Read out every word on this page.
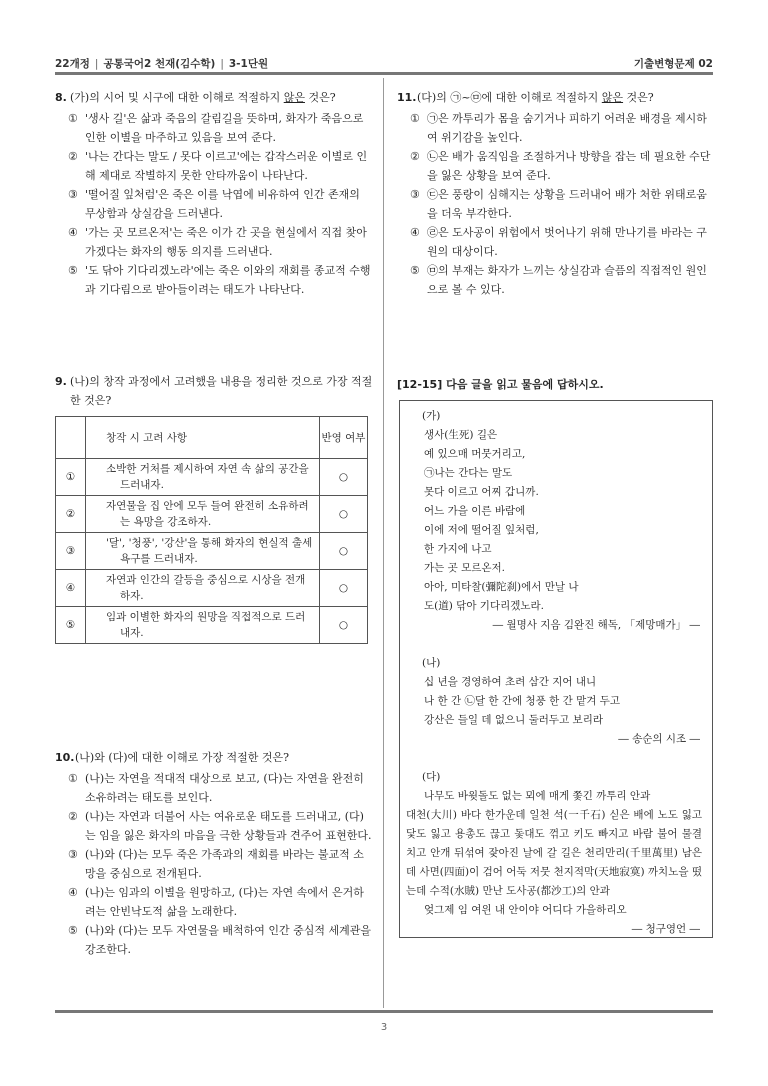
22개정 | 공통국어2 천재(김수학) | 3-1단원	기출변형문제 02
8. (가)의 시어 및 시구에 대한 이해로 적절하지 않은 것은?
① '생사 길'은 삶과 죽음의 갈림길을 뜻하며, 화자가 죽음으로 인한 이별을 마주하고 있음을 보여 준다.
② '나는 간다는 말도 / 못다 이르고'에는 갑작스러운 이별로 인해 제대로 작별하지 못한 안타까움이 나타난다.
③ '떨어질 잎처럼'은 죽은 이를 낙엽에 비유하여 인간 존재의 무상함과 상실감을 드러낸다.
④ '가는 곳 모르온저'는 죽은 이가 간 곳을 현실에서 직접 찾아가겠다는 화자의 행동 의지를 드러낸다.
⑤ '도 닦아 기다리겠노라'에는 죽은 이와의 재회를 종교적 수행과 기다림으로 받아들이려는 태도가 나타난다.
9. (나)의 창작 과정에서 고려했을 내용을 정리한 것으로 가장 적절한 것은?
	창작 시 고려 사항	반영 여부
①	소박한 거처를 제시하여 자연 속 삶의 공간을 드러내자.	○
②	자연물을 집 안에 모두 들여 완전히 소유하려는 욕망을 강조하자.	○
③	'달', '청풍', '강산'을 통해 화자의 현실적 출세 욕구를 드러내자.	○
④	자연과 인간의 갈등을 중심으로 시상을 전개하자.	○
⑤	임과 이별한 화자의 원망을 직접적으로 드러내자.	○
10. (나)와 (다)에 대한 이해로 가장 적절한 것은?
① (나)는 자연을 적대적 대상으로 보고, (다)는 자연을 완전히 소유하려는 태도를 보인다.
② (나)는 자연과 더불어 사는 여유로운 태도를 드러내고, (다)는 임을 잃은 화자의 마음을 극한 상황들과 견주어 표현한다.
③ (나)와 (다)는 모두 죽은 가족과의 재회를 바라는 불교적 소망을 중심으로 전개된다.
④ (나)는 임과의 이별을 원망하고, (다)는 자연 속에서 은거하려는 안빈낙도적 삶을 노래한다.
⑤ (나)와 (다)는 모두 자연물을 배척하여 인간 중심적 세계관을 강조한다.
11. (다)의 ㉠~㉤에 대한 이해로 적절하지 않은 것은?
① ㉠은 까투리가 몸을 숨기거나 피하기 어려운 배경을 제시하여 위기감을 높인다.
② ㉡은 배가 움직임을 조절하거나 방향을 잡는 데 필요한 수단을 잃은 상황을 보여 준다.
③ ㉢은 풍랑이 심해지는 상황을 드러내어 배가 처한 위태로움을 더욱 부각한다.
④ ㉣은 도사공이 위험에서 벗어나기 위해 만나기를 바라는 구원의 대상이다.
⑤ ㉤의 부재는 화자가 느끼는 상실감과 슬픔의 직접적인 원인으로 볼 수 있다.
[12-15] 다음 글을 읽고 물음에 답하시오.
(가)
생사(生死) 길은
예 있으매 머뭇거리고,
㉠나는 간다는 말도
못다 이르고 어찌 갑니까.
어느 가을 이른 바람에
이에 저에 떨어질 잎처럼,
한 가지에 나고
가는 곳 모르온저.
아아, 미타찰(彌陀刹)에서 만날 나
도(道) 닦아 기다리겠노라.
― 월명사 지음 김완진 해독, 「제망매가」 ―
(나)
십 년을 경영하여 초려 삼간 지어 내니
나 한 간 ㉡달 한 간에 청풍 한 간 맡겨 두고
강산은 들일 데 없으니 둘러두고 보리라
― 송순의 시조 ―
(다)
나무도 바윗돌도 없는 뫼에 매게 쫓긴 까투리 안과
대천(大川) 바다 한가운데 일천 석(一千石) 싣은 배에 노도 잃고 닻도 잃고 용총도 끊고 돛대도 꺾고 키도 빠지고 바람 불어 물결치고 안개 뒤섞여 잦아진 날에 갈 길은 천리만리(千里萬里) 남은데 사면(四面)이 검어 어둑 저뭇 천지적막(天地寂寞) 까치노을 떴는데 수적(水賊) 만난 도사공(都沙工)의 안과
엊그제 임 여읜 내 안이야 어디다 가을하리오
― 청구영언 ―
3
